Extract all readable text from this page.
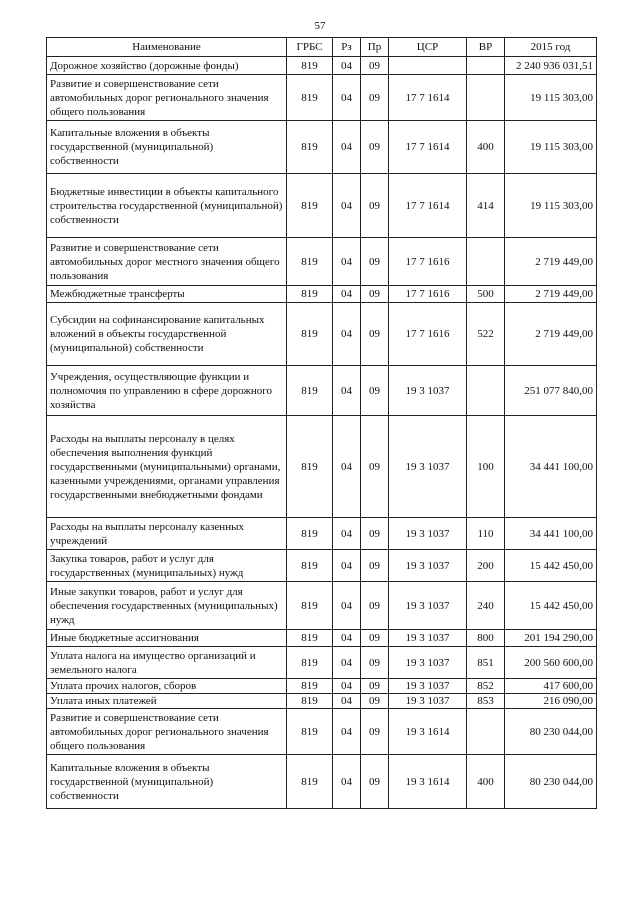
57
Наименование	ГРБС	Рз	Пр	ЦСР	ВР	2015 год
Дорожное хозяйство (дорожные фонды)	819	04	09			2 240 936 031,51
Развитие и совершенствование сети автомобильных дорог регионального значения общего пользования	819	04	09	17 7 1614		19 115 303,00
Капитальные вложения в объекты государственной (муниципальной) собственности	819	04	09	17 7 1614	400	19 115 303,00
Бюджетные инвестиции в объекты капитального строительства государственной (муниципальной) собственности	819	04	09	17 7 1614	414	19 115 303,00
Развитие и совершенствование сети автомобильных дорог местного значения общего пользования	819	04	09	17 7 1616		2 719 449,00
Межбюджетные трансферты	819	04	09	17 7 1616	500	2 719 449,00
Субсидии на софинансирование капитальных вложений в объекты государственной (муниципальной) собственности	819	04	09	17 7 1616	522	2 719 449,00
Учреждения, осуществляющие функции и полномочия по управлению в сфере дорожного хозяйства	819	04	09	19 3 1037		251 077 840,00
Расходы на выплаты персоналу в целях обеспечения выполнения функций государственными (муниципальными) органами, казенными учреждениями, органами управления государственными внебюджетными фондами	819	04	09	19 3 1037	100	34 441 100,00
Расходы на выплаты персоналу казенных учреждений	819	04	09	19 3 1037	110	34 441 100,00
Закупка товаров, работ и услуг для государственных (муниципальных) нужд	819	04	09	19 3 1037	200	15 442 450,00
Иные закупки товаров, работ и услуг для обеспечения государственных (муниципальных) нужд	819	04	09	19 3 1037	240	15 442 450,00
Иные бюджетные ассигнования	819	04	09	19 3 1037	800	201 194 290,00
Уплата налога на имущество организаций и земельного налога	819	04	09	19 3 1037	851	200 560 600,00
Уплата прочих налогов, сборов	819	04	09	19 3 1037	852	417 600,00
Уплата иных платежей	819	04	09	19 3 1037	853	216 090,00
Развитие и совершенствование сети автомобильных дорог регионального значения общего пользования	819	04	09	19 3 1614		80 230 044,00
Капитальные вложения в объекты государственной (муниципальной) собственности	819	04	09	19 3 1614	400	80 230 044,00
